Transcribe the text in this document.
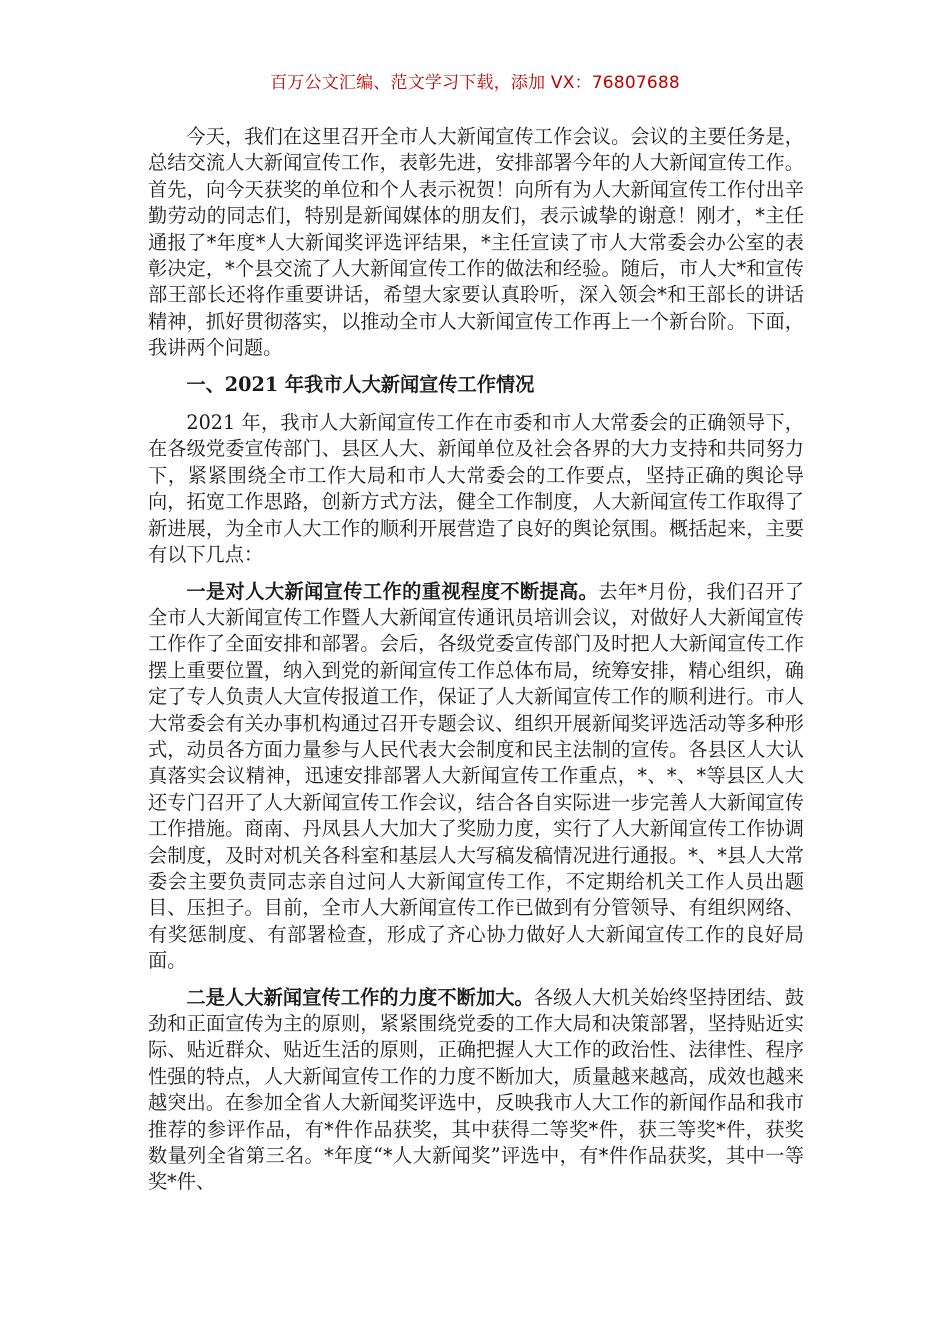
百万公文汇编、范文学习下载，添加 VX：76807688

今天，我们在这里召开全市人大新闻宣传工作会议。会议的主要任务是，总结交流人大新闻宣传工作，表彰先进，安排部署今年的人大新闻宣传工作。首先，向今天获奖的单位和个人表示祝贺！向所有为人大新闻宣传工作付出辛勤劳动的同志们，特别是新闻媒体的朋友们，表示诚挚的谢意！刚才，*主任通报了*年度*人大新闻奖评选评结果，*主任宣读了市人大常委会办公室的表彰决定，*个县交流了人大新闻宣传工作的做法和经验。随后，市人大*和宣传部王部长还将作重要讲话，希望大家要认真聆听，深入领会*和王部长的讲话精神，抓好贯彻落实，以推动全市人大新闻宣传工作再上一个新台阶。下面，我讲两个问题。

一、2021 年我市人大新闻宣传工作情况

2021 年，我市人大新闻宣传工作在市委和市人大常委会的正确领导下，在各级党委宣传部门、县区人大、新闻单位及社会各界的大力支持和共同努力下，紧紧围绕全市工作大局和市人大常委会的工作要点，坚持正确的舆论导向，拓宽工作思路，创新方式方法，健全工作制度，人大新闻宣传工作取得了新进展，为全市人大工作的顺利开展营造了良好的舆论氛围。概括起来，主要有以下几点：

一是对人大新闻宣传工作的重视程度不断提高。去年*月份，我们召开了全市人大新闻宣传工作暨人大新闻宣传通讯员培训会议，对做好人大新闻宣传工作作了全面安排和部署。会后，各级党委宣传部门及时把人大新闻宣传工作摆上重要位置，纳入到党的新闻宣传工作总体布局，统筹安排，精心组织，确定了专人负责人大宣传报道工作，保证了人大新闻宣传工作的顺利进行。市人大常委会有关办事机构通过召开专题会议、组织开展新闻奖评选活动等多种形式，动员各方面力量参与人民代表大会制度和民主法制的宣传。各县区人大认真落实会议精神，迅速安排部署人大新闻宣传工作重点，*、*、*等县区人大还专门召开了人大新闻宣传工作会议，结合各自实际进一步完善人大新闻宣传工作措施。商南、丹凤县人大加大了奖励力度，实行了人大新闻宣传工作协调会制度，及时对机关各科室和基层人大写稿发稿情况进行通报。*、*县人大常委会主要负责同志亲自过问人大新闻宣传工作，不定期给机关工作人员出题目、压担子。目前，全市人大新闻宣传工作已做到有分管领导、有组织网络、有奖惩制度、有部署检查，形成了齐心协力做好人大新闻宣传工作的良好局面。

二是人大新闻宣传工作的力度不断加大。各级人大机关始终坚持团结、鼓劲和正面宣传为主的原则，紧紧围绕党委的工作大局和决策部署，坚持贴近实际、贴近群众、贴近生活的原则，正确把握人大工作的政治性、法律性、程序性强的特点，人大新闻宣传工作的力度不断加大，质量越来越高，成效也越来越突出。在参加全省人大新闻奖评选中，反映我市人大工作的新闻作品和我市推荐的参评作品，有*件作品获奖，其中获得二等奖*件，获三等奖*件，获奖数量列全省第三名。*年度“*人大新闻奖”评选中，有*件作品获奖，其中一等奖*件、
